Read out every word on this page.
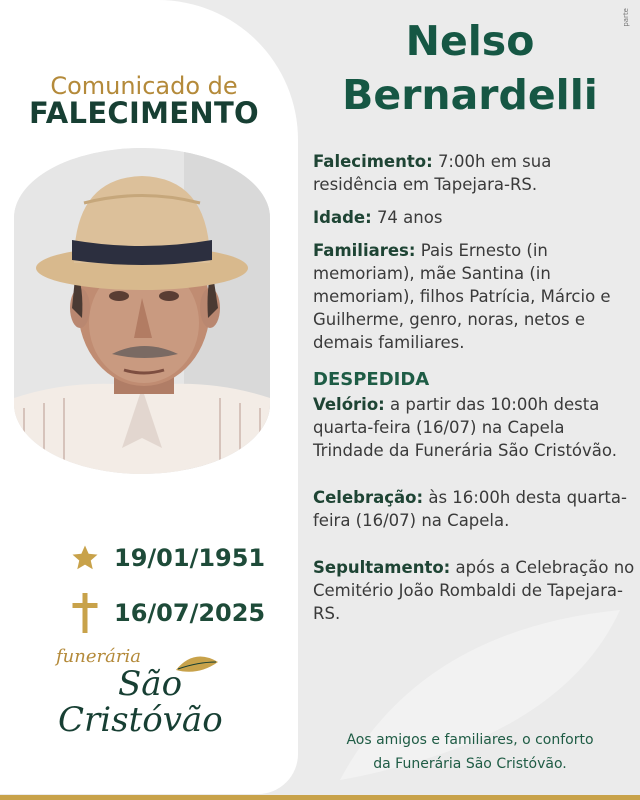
parte
Comunicado de
FALECIMENTO
19/01/1951
16/07/2025
funerária
São
Cristóvão
Nelso
Bernardelli

Falecimento: 7:00h em sua residência em Tapejara-RS.

Idade: 74 anos

Familiares: Pais Ernesto (in memoriam), mãe Santina (in memoriam), filhos Patrícia, Márcio e Guilherme, genro, noras, netos e demais familiares.

DESPEDIDA

Velório: a partir das 10:00h desta quarta-feira (16/07) na Capela Trindade da Funerária São Cristóvão.

Celebração: às 16:00h desta quarta-feira (16/07) na Capela.

Sepultamento: após a Celebração no Cemitério João Rombaldi de Tapejara-RS.

Aos amigos e familiares, o conforto
da Funerária São Cristóvão.
